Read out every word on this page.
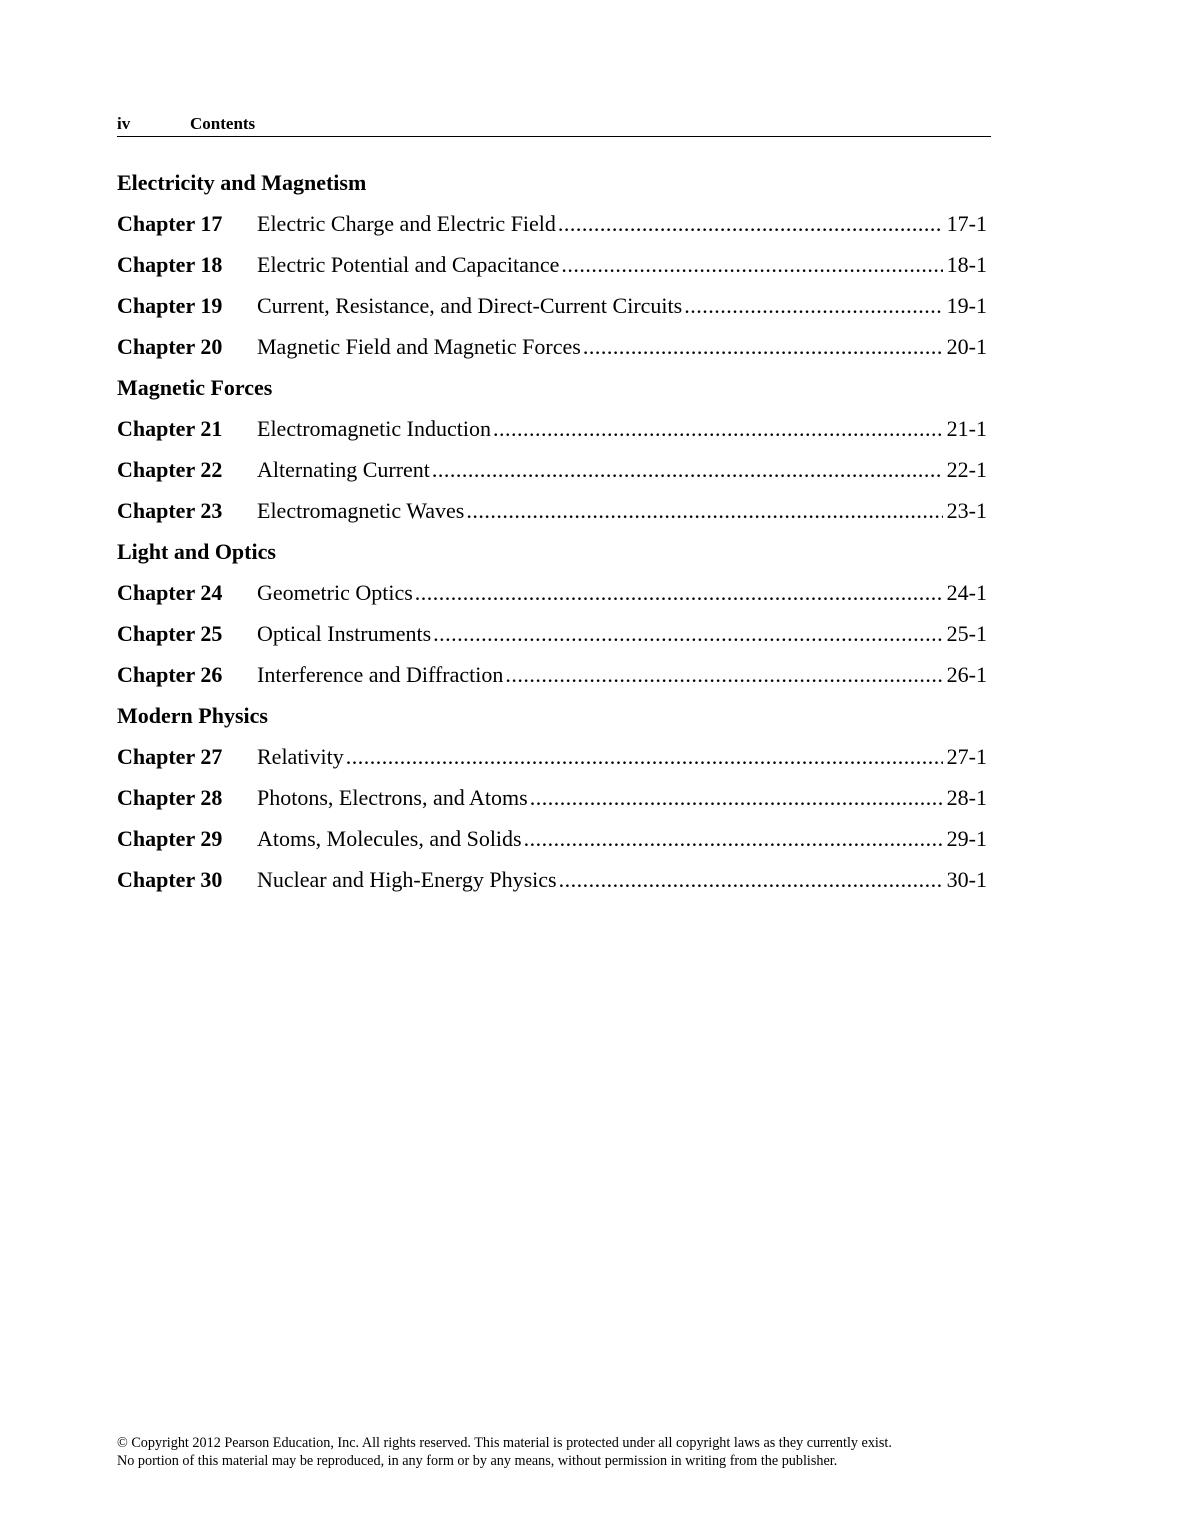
iv	Contents
Electricity and Magnetism
Chapter 17	Electric Charge and Electric Field .....	17-1
Chapter 18	Electric Potential and Capacitance .....	18-1
Chapter 19	Current, Resistance, and Direct-Current Circuits .....	19-1
Chapter 20	Magnetic Field and Magnetic Forces .....	20-1
Magnetic Forces
Chapter 21	Electromagnetic Induction .....	21-1
Chapter 22	Alternating Current .....	22-1
Chapter 23	Electromagnetic Waves .....	23-1
Light and Optics
Chapter 24	Geometric Optics .....	24-1
Chapter 25	Optical Instruments .....	25-1
Chapter 26	Interference and Diffraction .....	26-1
Modern Physics
Chapter 27	Relativity .....	27-1
Chapter 28	Photons, Electrons, and Atoms .....	28-1
Chapter 29	Atoms, Molecules, and Solids .....	29-1
Chapter 30	Nuclear and High-Energy Physics .....	30-1
© Copyright 2012 Pearson Education, Inc. All rights reserved. This material is protected under all copyright laws as they currently exist.
No portion of this material may be reproduced, in any form or by any means, without permission in writing from the publisher.
